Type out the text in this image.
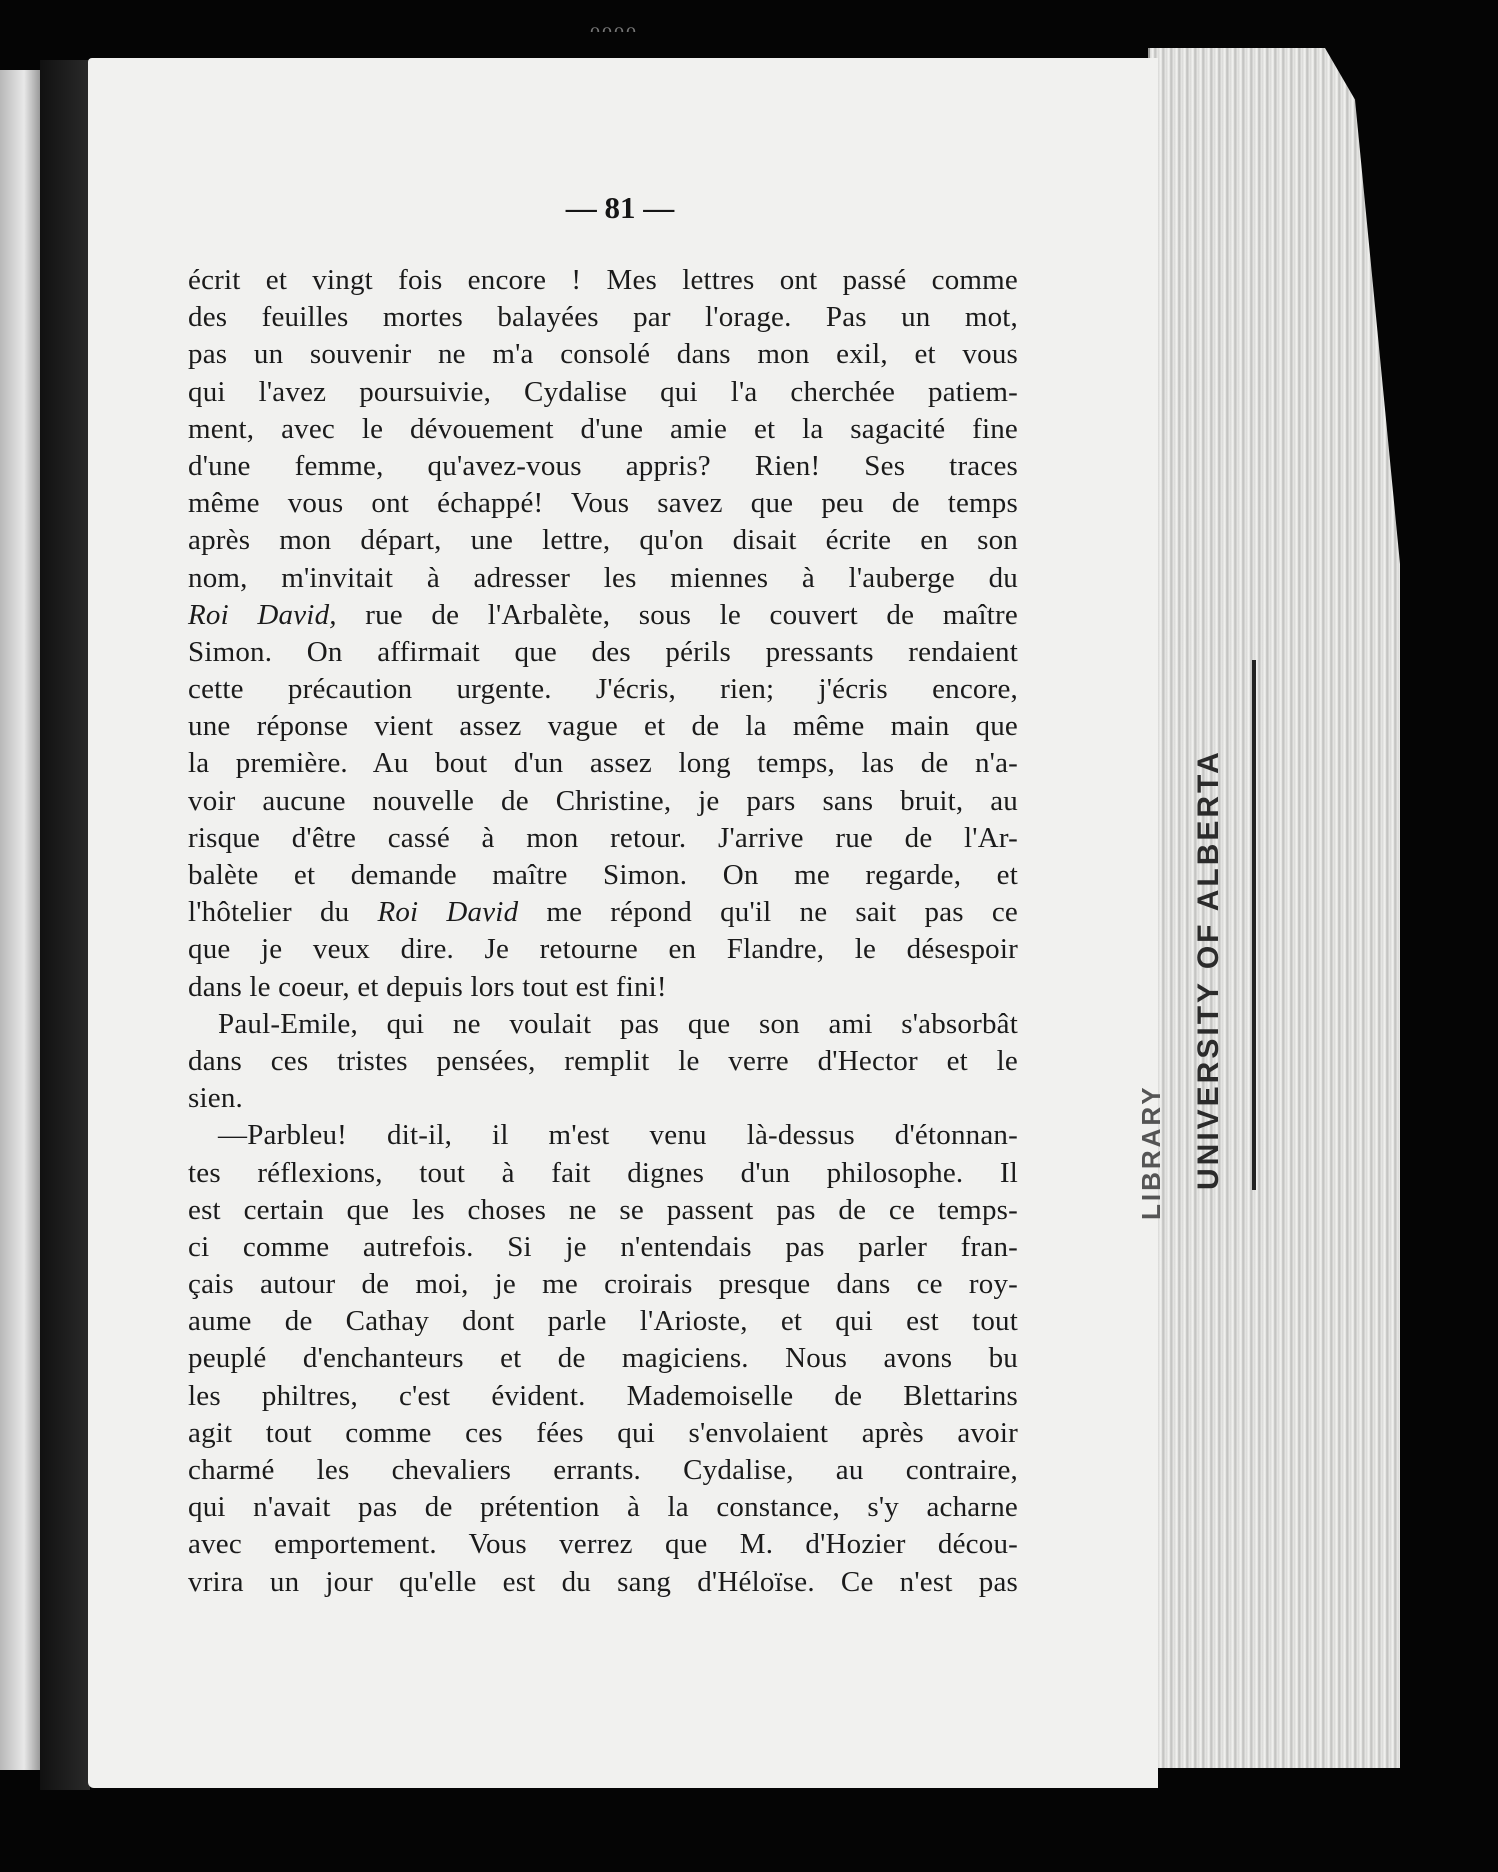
ᴖᴖᴖᴖ
— 81 —
écrit et vingt fois encore ! Mes lettres ont passé comme
des feuilles mortes balayées par l'orage. Pas un mot,
pas un souvenir ne m'a consolé dans mon exil, et vous
qui l'avez poursuivie, Cydalise qui l'a cherchée patiem-
ment, avec le dévouement d'une amie et la sagacité fine
d'une femme, qu'avez-vous appris? Rien! Ses traces
même vous ont échappé! Vous savez que peu de temps
après mon départ, une lettre, qu'on disait écrite en son
nom, m'invitait à adresser les miennes à l'auberge du
Roi David, rue de l'Arbalète, sous le couvert de maître
Simon. On affirmait que des périls pressants rendaient
cette précaution urgente. J'écris, rien; j'écris encore,
une réponse vient assez vague et de la même main que
la première. Au bout d'un assez long temps, las de n'a-
voir aucune nouvelle de Christine, je pars sans bruit, au
risque d'être cassé à mon retour. J'arrive rue de l'Ar-
balète et demande maître Simon. On me regarde, et
l'hôtelier du Roi David me répond qu'il ne sait pas ce
que je veux dire. Je retourne en Flandre, le désespoir
dans le coeur, et depuis lors tout est fini!
Paul-Emile, qui ne voulait pas que son ami s'absorbât
dans ces tristes pensées, remplit le verre d'Hector et le
sien.
—Parbleu! dit-il, il m'est venu là-dessus d'étonnan-
tes réflexions, tout à fait dignes d'un philosophe. Il
est certain que les choses ne se passent pas de ce temps-
ci comme autrefois. Si je n'entendais pas parler fran-
çais autour de moi, je me croirais presque dans ce roy-
aume de Cathay dont parle l'Arioste, et qui est tout
peuplé d'enchanteurs et de magiciens. Nous avons bu
les philtres, c'est évident. Mademoiselle de Blettarins
agit tout comme ces fées qui s'envolaient après avoir
charmé les chevaliers errants. Cydalise, au contraire,
qui n'avait pas de prétention à la constance, s'y acharne
avec emportement. Vous verrez que M. d'Hozier décou-
vrira un jour qu'elle est du sang d'Héloïse. Ce n'est pas
UNIVERSITY OF ALBERTA
LIBRARY
